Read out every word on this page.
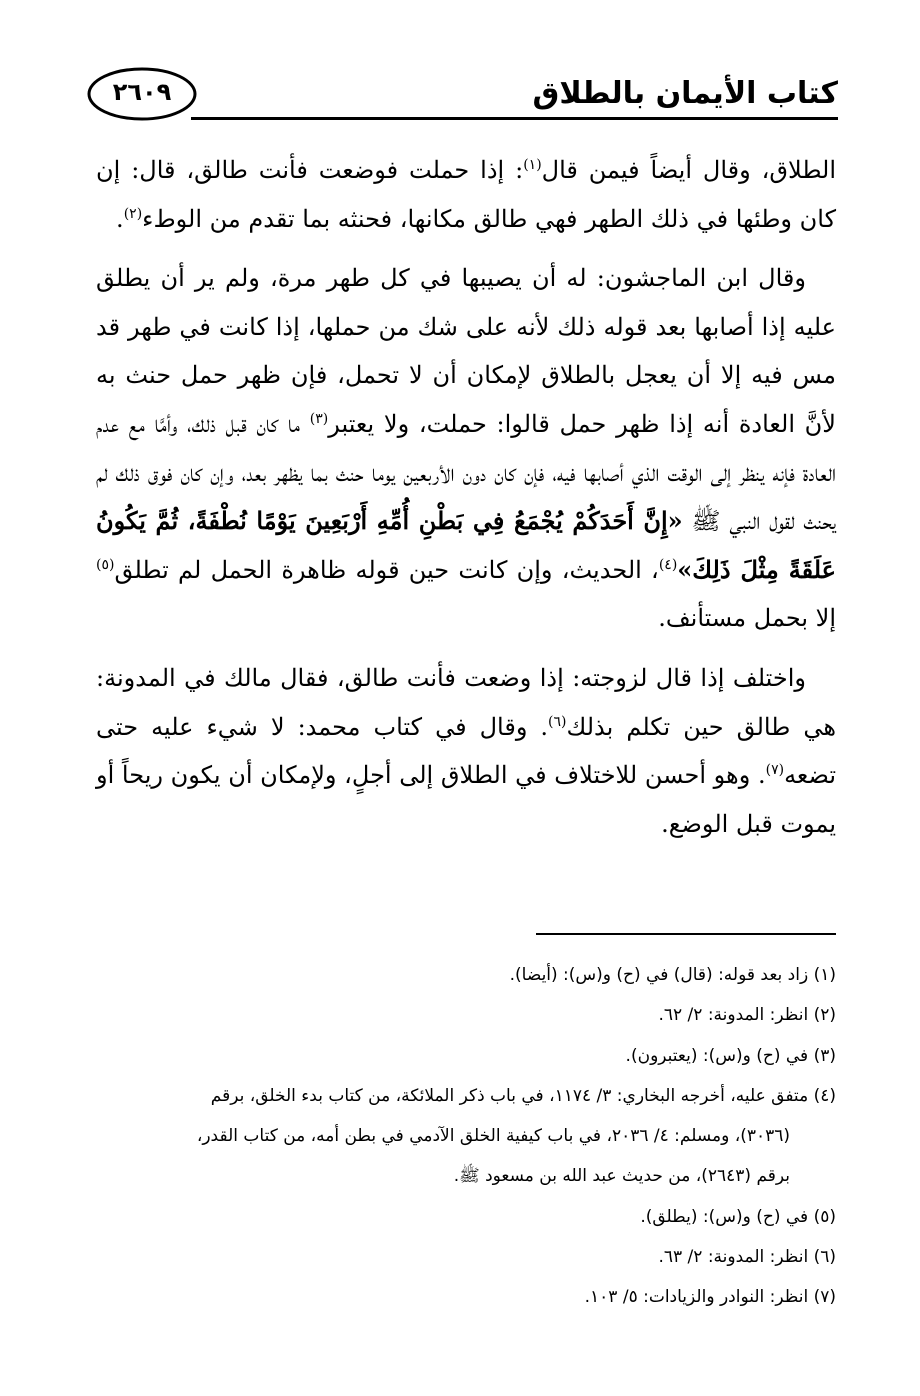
كتاب الأيمان بالطلاق
٢٦٠٩

الطلاق، وقال أيضاً فيمن قال$^{(١)}$: إذا حملت فوضعت فأنت طالق، قال: إن كان وطئها في ذلك الطهر فهي طالق مكانها، فحنثه بما تقدم من الوطء$^{(٢)}$.

وقال ابن الماجشون: له أن يصيبها في كل طهر مرة، ولم ير أن يطلق عليه إذا أصابها بعد قوله ذلك لأنه على شك من حملها، إذا كانت في طهر قد مس فيه إلا أن يعجل بالطلاق لإمكان أن لا تحمل، فإن ظهر حمل حنث به لأنَّ العادة أنه إذا ظهر حمل قالوا: حملت، ولا يعتبر$^{(٣)}$ ما كان قبل ذلك، وأمَّا مع عدم العادة فإنه ينظر إلى الوقت الذي أصابها فيه، فإن كان دون الأربعين يوما حنث بما يظهر بعد، وإن كان فوق ذلك لم يحنث لقول النبي ﷺ «إِنَّ أَحَدَكُمْ يُجْمَعُ فِي بَطْنِ أُمِّهِ أَرْبَعِينَ يَوْمًا نُطْفَةً، ثُمَّ يَكُونُ عَلَقَةً مِثْلَ ذَلِكَ»$^{(٤)}$، الحديث، وإن كانت حين قوله ظاهرة الحمل لم تطلق$^{(٥)}$ إلا بحمل مستأنف.

واختلف إذا قال لزوجته: إذا وضعت فأنت طالق، فقال مالك في المدونة: هي طالق حين تكلم بذلك$^{(٦)}$. وقال في كتاب محمد: لا شيء عليه حتى تضعه$^{(٧)}$. وهو أحسن للاختلاف في الطلاق إلى أجلٍ، ولإمكان أن يكون ريحاً أو يموت قبل الوضع.

(١) زاد بعد قوله: (قال) في (ح) و(س): (أيضا).

(٢) انظر: المدونة: ٢/ ٦٢.

(٣) في (ح) و(س): (يعتبرون).

(٤) متفق عليه، أخرجه البخاري: ٣/ ١١٧٤، في باب ذكر الملائكة، من كتاب بدء الخلق، برقم

(٣٠٣٦)، ومسلم: ٤/ ٢٠٣٦، في باب كيفية الخلق الآدمي في بطن أمه، من كتاب القدر،

برقم (٢٦٤٣)، من حديث عبد الله بن مسعود ﷺ.

(٥) في (ح) و(س): (يطلق).

(٦) انظر: المدونة: ٢/ ٦٣.

(٧) انظر: النوادر والزيادات: ٥/ ١٠٣.
